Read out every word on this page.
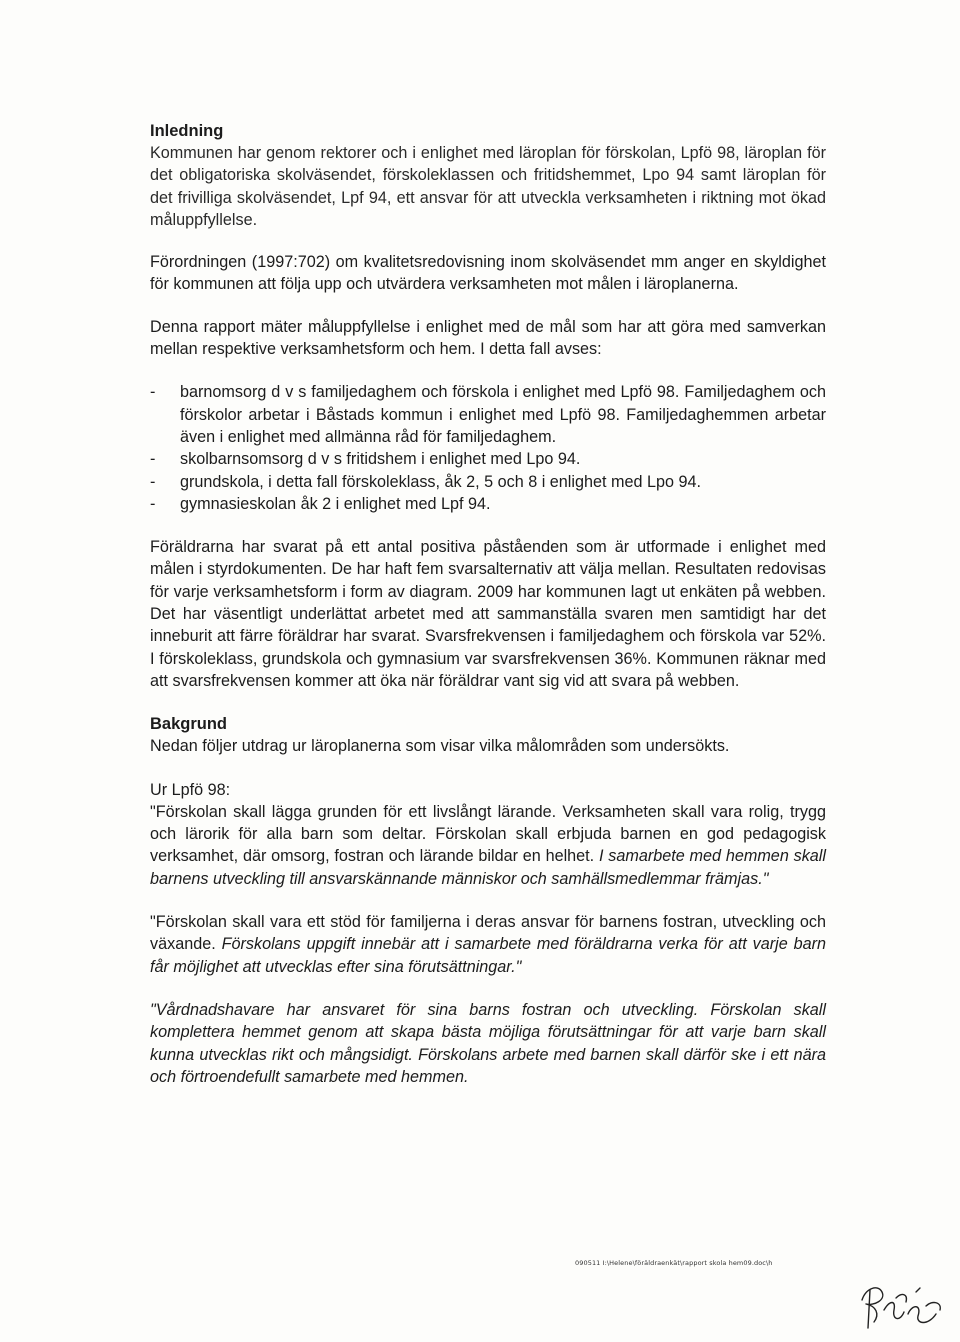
Inledning

Kommunen har genom rektorer och i enlighet med läroplan för förskolan, Lpfö 98, läroplan för det obligatoriska skolväsendet, förskoleklassen och fritidshemmet, Lpo 94 samt läroplan för det frivilliga skolväsendet, Lpf 94, ett ansvar för att utveckla verksamheten i riktning mot ökad måluppfyllelse.

Förordningen (1997:702) om kvalitetsredovisning inom skolväsendet mm anger en skyldighet för kommunen att följa upp och utvärdera verksamheten mot målen i läroplanerna.

Denna rapport mäter måluppfyllelse i enlighet med de mål som har att göra med samverkan mellan respektive verksamhetsform och hem. I detta fall avses:

- barnomsorg d v s familjedaghem och förskola i enlighet med Lpfö 98. Familjedaghem och förskolor arbetar i Båstads kommun i enlighet med Lpfö 98. Familjedaghemmen arbetar även i enlighet med allmänna råd för familjedaghem.
- skolbarnsomsorg d v s fritidshem i enlighet med Lpo 94.
- grundskola, i detta fall förskoleklass, åk 2, 5 och 8 i enlighet med Lpo 94.
- gymnasieskolan åk 2 i enlighet med Lpf 94.

Föräldrarna har svarat på ett antal positiva påståenden som är utformade i enlighet med målen i styrdokumenten. De har haft fem svarsalternativ att välja mellan. Resultaten redovisas för varje verksamhetsform i form av diagram. 2009 har kommunen lagt ut enkäten på webben. Det har väsentligt underlättat arbetet med att sammanställa svaren men samtidigt har det inneburit att färre föräldrar har svarat. Svarsfrekvensen i familjedaghem och förskola var 52%. I förskoleklass, grundskola och gymnasium var svarsfrekvensen 36%. Kommunen räknar med att svarsfrekvensen kommer att öka när föräldrar vant sig vid att svara på webben.

Bakgrund

Nedan följer utdrag ur läroplanerna som visar vilka målområden som undersökts.

Ur Lpfö 98:

"Förskolan skall lägga grunden för ett livslångt lärande. Verksamheten skall vara rolig, trygg och lärorik för alla barn som deltar. Förskolan skall erbjuda barnen en god pedagogisk verksamhet, där omsorg, fostran och lärande bildar en helhet. I samarbete med hemmen skall barnens utveckling till ansvarskännande människor och samhällsmedlemmar främjas."

"Förskolan skall vara ett stöd för familjerna i deras ansvar för barnens fostran, utveckling och växande. Förskolans uppgift innebär att i samarbete med föräldrarna verka för att varje barn får möjlighet att utvecklas efter sina förutsättningar."

"Vårdnadshavare har ansvaret för sina barns fostran och utveckling. Förskolan skall komplettera hemmet genom att skapa bästa möjliga förutsättningar för att varje barn skall kunna utvecklas rikt och mångsidigt. Förskolans arbete med barnen skall därför ske i ett nära och förtroendefullt samarbete med hemmen.

090511 I:\Helene\föräldraenkät\rapport skola hem09.doc\h
